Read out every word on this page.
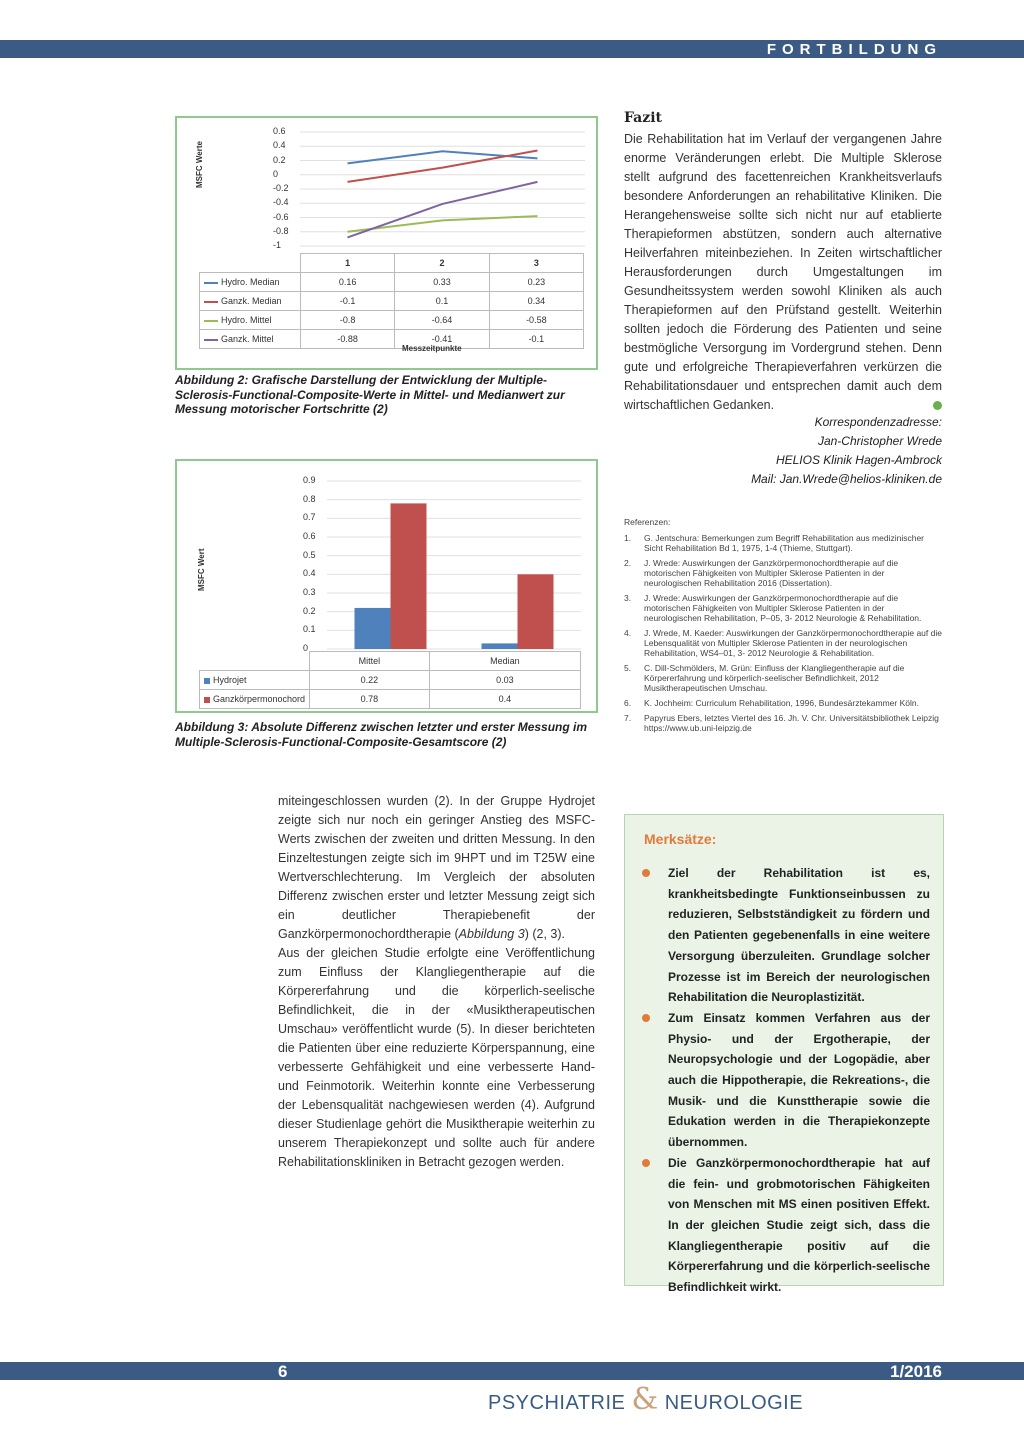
FORTBILDUNG
MSFC Werte
0.6
0.4
0.2
0
-0.2
-0.4
-0.6
-0.8
-1
	1	2	3
Hydro. Median	0.16	0.33	0.23
Ganzk. Median	-0.1	0.1	0.34
Hydro. Mittel	-0.8	-0.64	-0.58
Ganzk. Mittel	-0.88	-0.41	-0.1
Messzeitpunkte
Abbildung 2: Grafische Darstellung der Entwicklung der Multiple-Sclerosis-Functional-Composite-Werte in Mittel- und Medianwert zur Messung motorischer Fortschritte (2)
MSFC Wert
0.9
0.8
0.7
0.6
0.5
0.4
0.3
0.2
0.1
0
	Mittel	Median
Hydrojet	0.22	0.03
Ganzkörpermonochord	0.78	0.4
Abbildung 3: Absolute Differenz zwischen letzter und erster Messung im Multiple-Sclerosis-Functional-Composite-Gesamtscore (2)
miteingeschlossen wurden (2). In der Gruppe Hydrojet zeigte sich nur noch ein geringer Anstieg des MSFC-Werts zwischen der zweiten und dritten Messung. In den Einzeltestungen zeigte sich im 9HPT und im T25W eine Wertverschlechterung. Im Vergleich der absoluten Differenz zwischen erster und letzter Messung zeigt sich ein deutlicher Therapiebenefit der Ganzkörpermonochordtherapie (Abbildung 3) (2, 3).
Aus der gleichen Studie erfolgte eine Veröffentlichung zum Einfluss der Klangliegentherapie auf die Körpererfahrung und die körperlich-seelische Befindlichkeit, die in der «Musiktherapeutischen Umschau» veröffentlicht wurde (5). In dieser berichteten die Patienten über eine reduzierte Körperspannung, eine verbesserte Gehfähigkeit und eine verbesserte Hand- und Feinmotorik. Weiterhin konnte eine Verbesserung der Lebensqualität nachgewiesen werden (4). Aufgrund dieser Studienlage gehört die Musiktherapie weiterhin zu unserem Therapiekonzept und sollte auch für andere Rehabilitationskliniken in Betracht gezogen werden.
Fazit
Die Rehabilitation hat im Verlauf der vergangenen Jahre enorme Veränderungen erlebt. Die Multiple Sklerose stellt aufgrund des facettenreichen Krankheitsverlaufs besondere Anforderungen an rehabilitative Kliniken. Die Herangehensweise sollte sich nicht nur auf etablierte Therapieformen abstützen, sondern auch alternative Heilverfahren miteinbeziehen. In Zeiten wirtschaftlicher Herausforderungen durch Umgestaltungen im Gesundheitssystem werden sowohl Kliniken als auch Therapieformen auf den Prüfstand gestellt. Weiterhin sollten jedoch die Förderung des Patienten und seine bestmögliche Versorgung im Vordergrund stehen. Denn gute und erfolgreiche Therapieverfahren verkürzen die Rehabilitationsdauer und entsprechen damit auch dem wirtschaftlichen Gedanken.
Korrespondenzadresse:
Jan-Christopher Wrede
HELIOS Klinik Hagen-Ambrock
Mail: Jan.Wrede@helios-kliniken.de
Referenzen:
1. G. Jentschura: Bemerkungen zum Begriff Rehabilitation aus medizinischer Sicht Rehabilitation Bd 1, 1975, 1-4 (Thieme, Stuttgart).
2. J. Wrede: Auswirkungen der Ganzkörpermonochordtherapie auf die motorischen Fähigkeiten von Multipler Sklerose Patienten in der neurologischen Rehabilitation 2016 (Dissertation).
3. J. Wrede: Auswirkungen der Ganzkörpermonochordtherapie auf die motorischen Fähigkeiten von Multipler Sklerose Patienten in der neurologischen Rehabilitation, P–05, 3- 2012 Neurologie & Rehabilitation.
4. J. Wrede, M. Kaeder: Auswirkungen der Ganzkörpermonochordtherapie auf die Lebensqualität von Multipler Sklerose Patienten in der neurologischen Rehabilitation, WS4–01, 3- 2012 Neurologie & Rehabilitation.
5. C. Dill-Schmölders, M. Grün: Einfluss der Klangliegentherapie auf die Körpererfahrung und körperlich-seelischer Befindlichkeit, 2012 Musiktherapeutischen Umschau.
6. K. Jochheim: Curriculum Rehabilitation, 1996, Bundesärztekammer Köln.
7. Papyrus Ebers, letztes Viertel des 16. Jh. V. Chr. Universitätsbibliothek Leipzig https://www.ub.uni-leipzig.de
Merksätze:
Ziel der Rehabilitation ist es, krankheitsbedingte Funktionseinbussen zu reduzieren, Selbstständigkeit zu fördern und den Patienten gegebenenfalls in eine weitere Versorgung überzuleiten. Grundlage solcher Prozesse ist im Bereich der neurologischen Rehabilitation die Neuroplastizität.
Zum Einsatz kommen Verfahren aus der Physio- und der Ergotherapie, der Neuropsychologie und der Logopädie, aber auch die Hippotherapie, die Rekreations-, die Musik- und die Kunsttherapie sowie die Edukation werden in die Therapiekonzepte übernommen.
Die Ganzkörpermonochordtherapie hat auf die fein- und grobmotorischen Fähigkeiten von Menschen mit MS einen positiven Effekt. In der gleichen Studie zeigt sich, dass die Klangliegentherapie positiv auf die Körpererfahrung und die körperlich-seelische Befindlichkeit wirkt.
6	1/2016
PSYCHIATRIE & NEUROLOGIE
